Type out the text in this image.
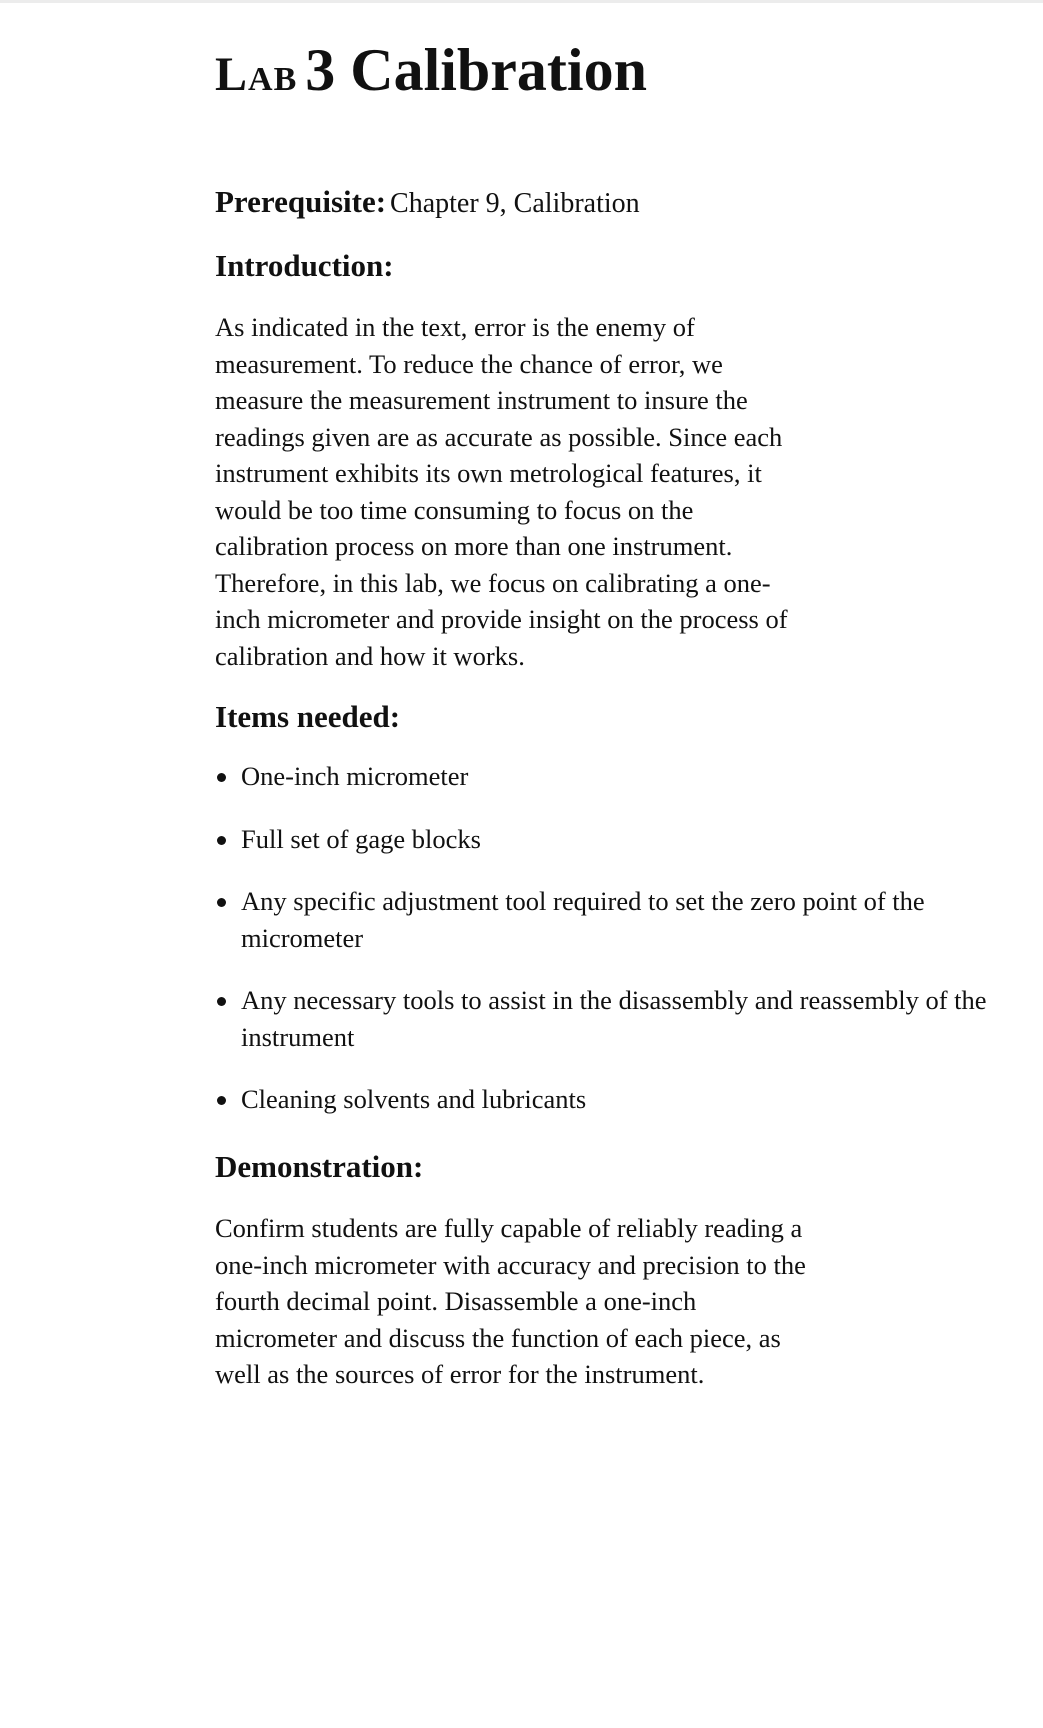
Lab 3 Calibration

Prerequisite: Chapter 9, Calibration

Introduction:
As indicated in the text, error is the enemy of
measurement. To reduce the chance of error, we
measure the measurement instrument to insure the
readings given are as accurate as possible. Since each
instrument exhibits its own metrological features, it
would be too time consuming to focus on the
calibration process on more than one instrument.
Therefore, in this lab, we focus on calibrating a one-
inch micrometer and provide insight on the process of
calibration and how it works.
Items needed:
One-inch micrometer
Full set of gage blocks
Any specific adjustment tool required to set the zero point of the micrometer
Any necessary tools to assist in the disassembly and reassembly of the instrument
Cleaning solvents and lubricants
Demonstration:
Confirm students are fully capable of reliably reading a
one-inch micrometer with accuracy and precision to the
fourth decimal point. Disassemble a one-inch
micrometer and discuss the function of each piece, as
well as the sources of error for the instrument.
